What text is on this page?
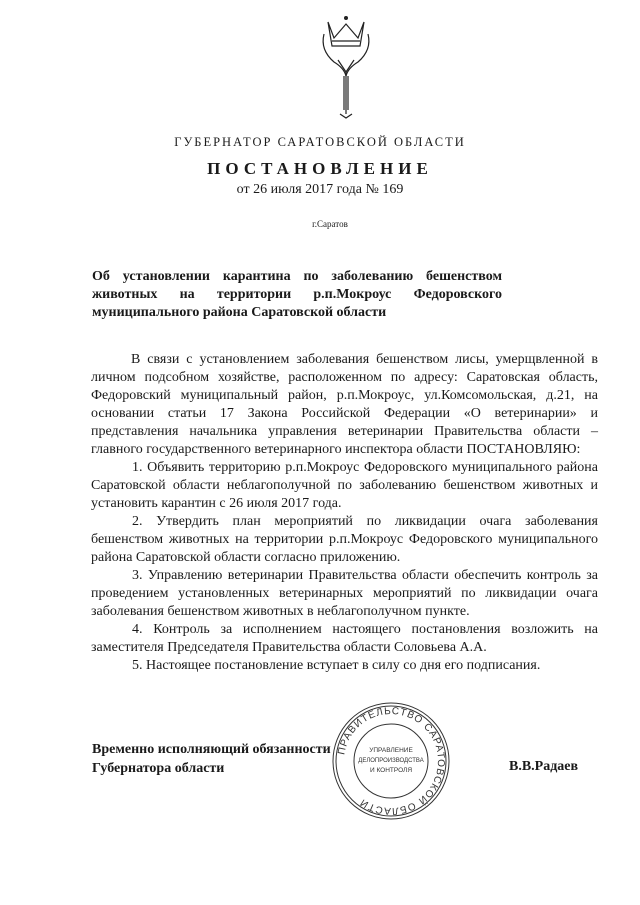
ГУБЕРНАТОР САРАТОВСКОЙ ОБЛАСТИ
ПОСТАНОВЛЕНИЕ
от 26 июля 2017 года № 169
г.Саратов
Об установлении карантина по заболеванию бешенством
животных на территории р.п.Мокроус Федоровского
муниципального района Саратовской области

В связи с установлением заболевания бешенством лисы, умерщвленной в личном подсобном хозяйстве, расположенном по адресу: Саратовская область, Федоровский муниципальный район, р.п.Мокроус, ул.Комсомольская, д.21, на основании статьи 17 Закона Российской Федерации «О ветеринарии» и представления начальника управления ветеринарии Правительства области – главного государственного ветеринарного инспектора области ПОСТАНОВЛЯЮ:

1. Объявить территорию р.п.Мокроус Федоровского муниципального района Саратовской области неблагополучной по заболеванию бешенством животных и установить карантин с 26 июля 2017 года.

2. Утвердить план мероприятий по ликвидации очага заболевания бешенством животных на территории р.п.Мокроус Федоровского муниципального района Саратовской области согласно приложению.

3. Управлению ветеринарии Правительства области обеспечить контроль за проведением установленных ветеринарных мероприятий по ликвидации очага заболевания бешенством животных в неблагополучном пункте.

4. Контроль за исполнением настоящего постановления возложить на заместителя Председателя Правительства области Соловьева А.А.

5. Настоящее постановление вступает в силу со дня его подписания.

ПРАВИТЕЛЬСТВО САРАТОВСКОЙ ОБЛАСТИ
УПРАВЛЕНИЕ
ДЕЛОПРОИЗВОДСТВА
И КОНТРОЛЯ
Временно исполняющий обязанности
Губернатора области	В.В.Радаев
